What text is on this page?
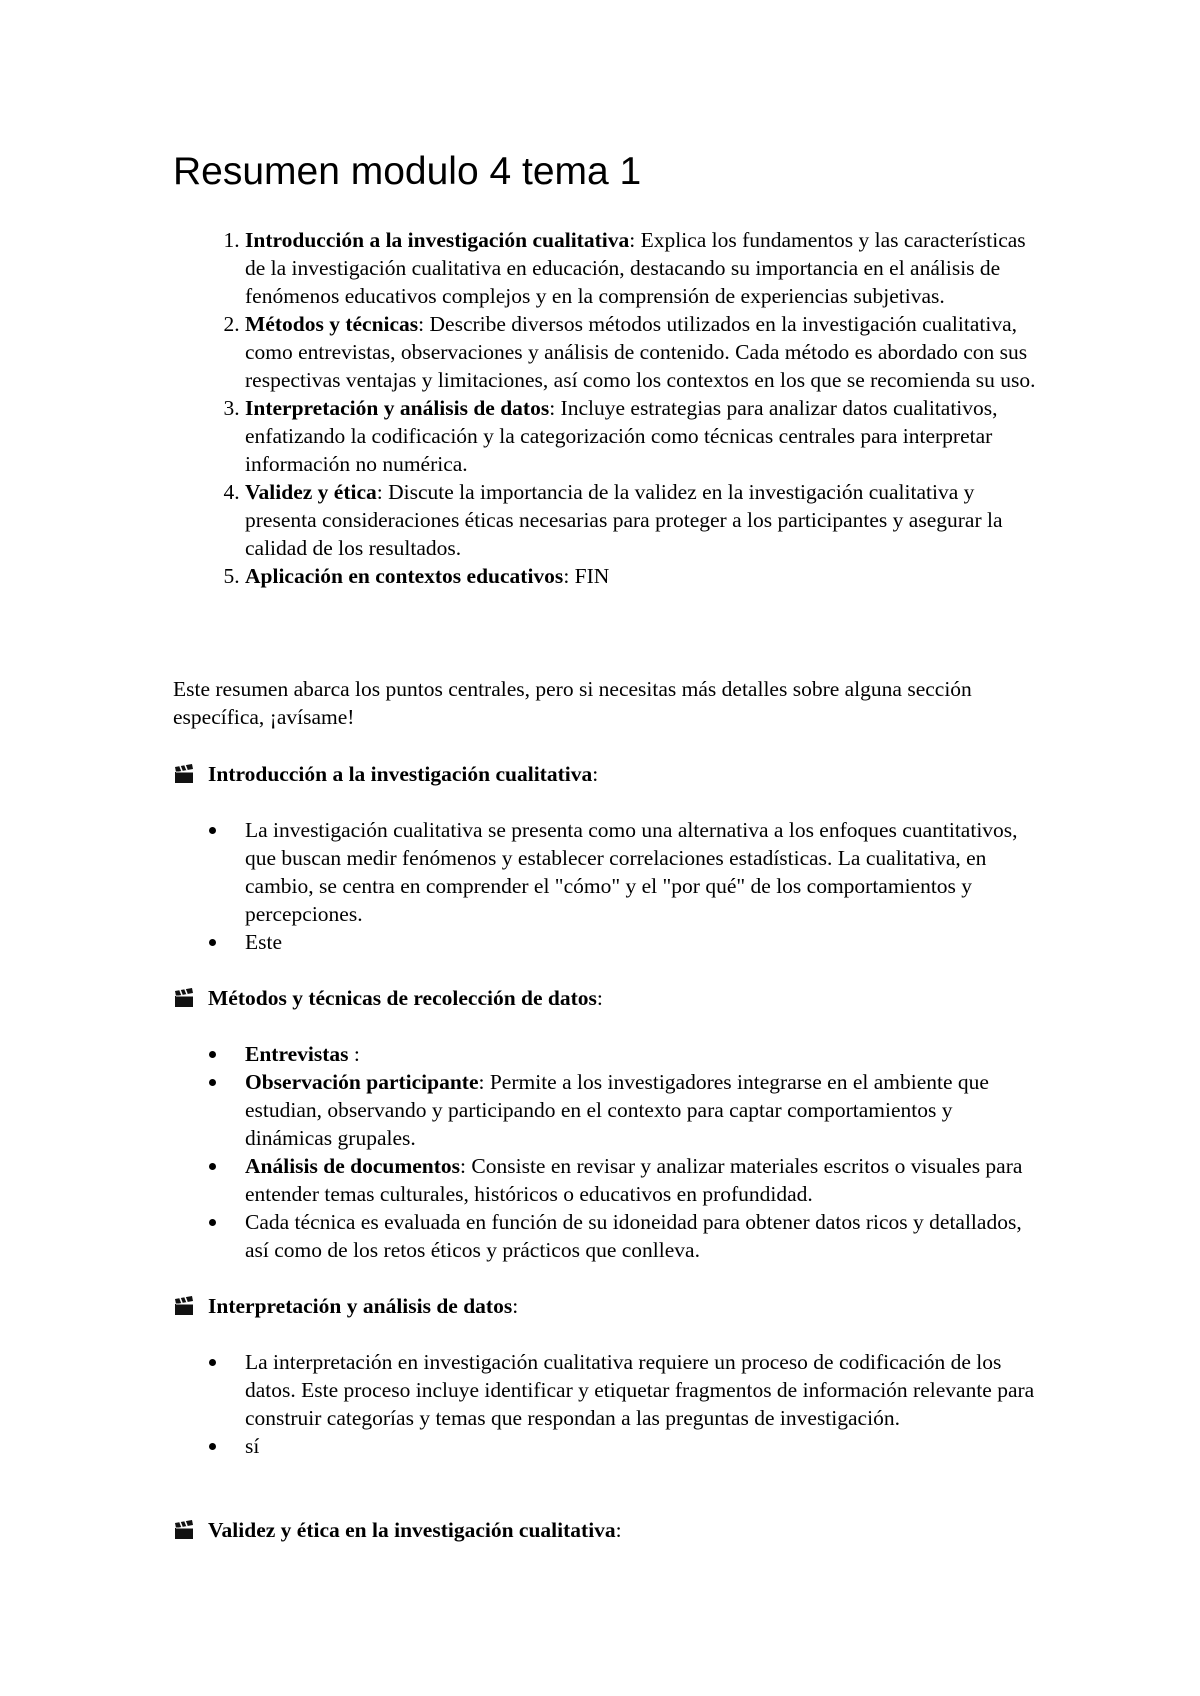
Resumen modulo 4 tema 1
1. Introducción a la investigación cualitativa: Explica los fundamentos y las características de la investigación cualitativa en educación, destacando su importancia en el análisis de fenómenos educativos complejos y en la comprensión de experiencias subjetivas.
2. Métodos y técnicas: Describe diversos métodos utilizados en la investigación cualitativa, como entrevistas, observaciones y análisis de contenido. Cada método es abordado con sus respectivas ventajas y limitaciones, así como los contextos en los que se recomienda su uso.
3. Interpretación y análisis de datos: Incluye estrategias para analizar datos cualitativos, enfatizando la codificación y la categorización como técnicas centrales para interpretar información no numérica.
4. Validez y ética: Discute la importancia de la validez en la investigación cualitativa y presenta consideraciones éticas necesarias para proteger a los participantes y asegurar la calidad de los resultados.
5. Aplicación en contextos educativos: FIN

Este resumen abarca los puntos centrales, pero si necesitas más detalles sobre alguna sección específica, ¡avísame!

Introducción a la investigación cualitativa :
La investigación cualitativa se presenta como una alternativa a los enfoques cuantitativos, que buscan medir fenómenos y establecer correlaciones estadísticas. La cualitativa, en cambio, se centra en comprender el "cómo" y el "por qué" de los comportamientos y percepciones.
Este
Métodos y técnicas de recolección de datos :
Entrevistas :
Observación participante: Permite a los investigadores integrarse en el ambiente que estudian, observando y participando en el contexto para captar comportamientos y dinámicas grupales.
Análisis de documentos: Consiste en revisar y analizar materiales escritos o visuales para entender temas culturales, históricos o educativos en profundidad.
Cada técnica es evaluada en función de su idoneidad para obtener datos ricos y detallados, así como de los retos éticos y prácticos que conlleva.
Interpretación y análisis de datos :
La interpretación en investigación cualitativa requiere un proceso de codificación de los datos. Este proceso incluye identificar y etiquetar fragmentos de información relevante para construir categorías y temas que respondan a las preguntas de investigación.
sí
Validez y ética en la investigación cualitativa :
